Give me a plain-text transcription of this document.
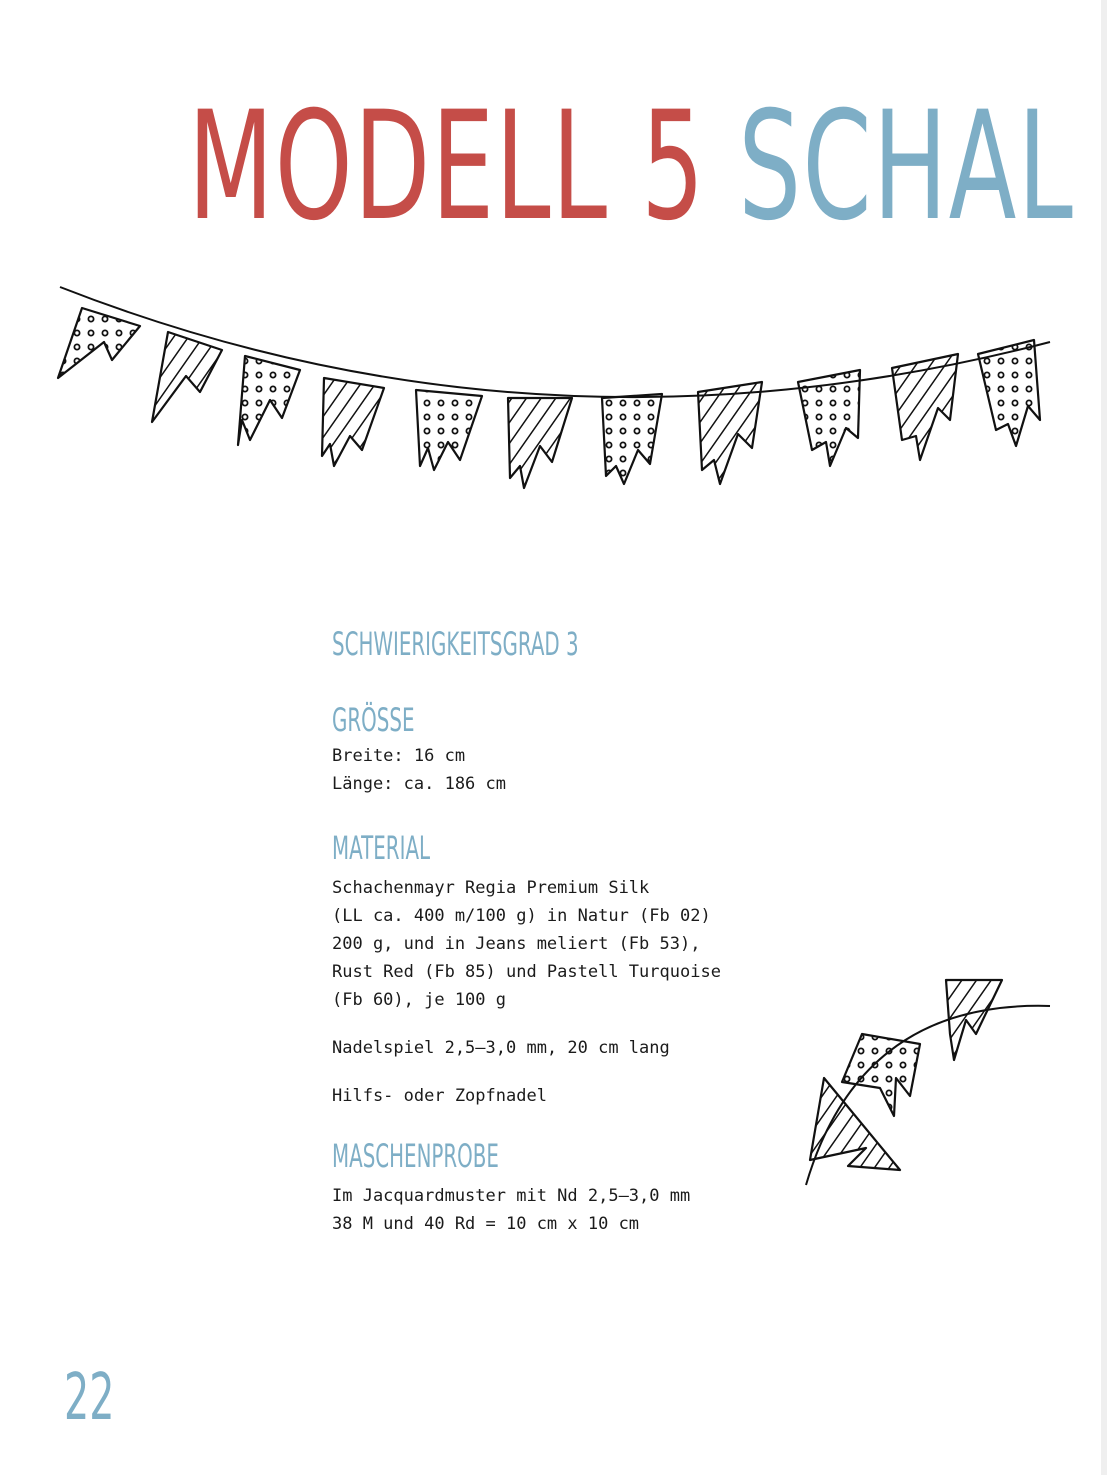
MODELL 5 SCHAL
SCHWIERIGKEITSGRAD 3
GRÖSSE
Breite: 16 cm
Länge: ca. 186 cm
MATERIAL
Schachenmayr Regia Premium Silk
(LL ca. 400 m/100 g) in Natur (Fb 02)
200 g, und in Jeans meliert (Fb 53),
Rust Red (Fb 85) und Pastell Turquoise
(Fb 60), je 100 g
Nadelspiel 2,5–3,0 mm, 20 cm lang
Hilfs- oder Zopfnadel
MASCHENPROBE
Im Jacquardmuster mit Nd 2,5–3,0 mm
38 M und 40 Rd = 10 cm x 10 cm
22
